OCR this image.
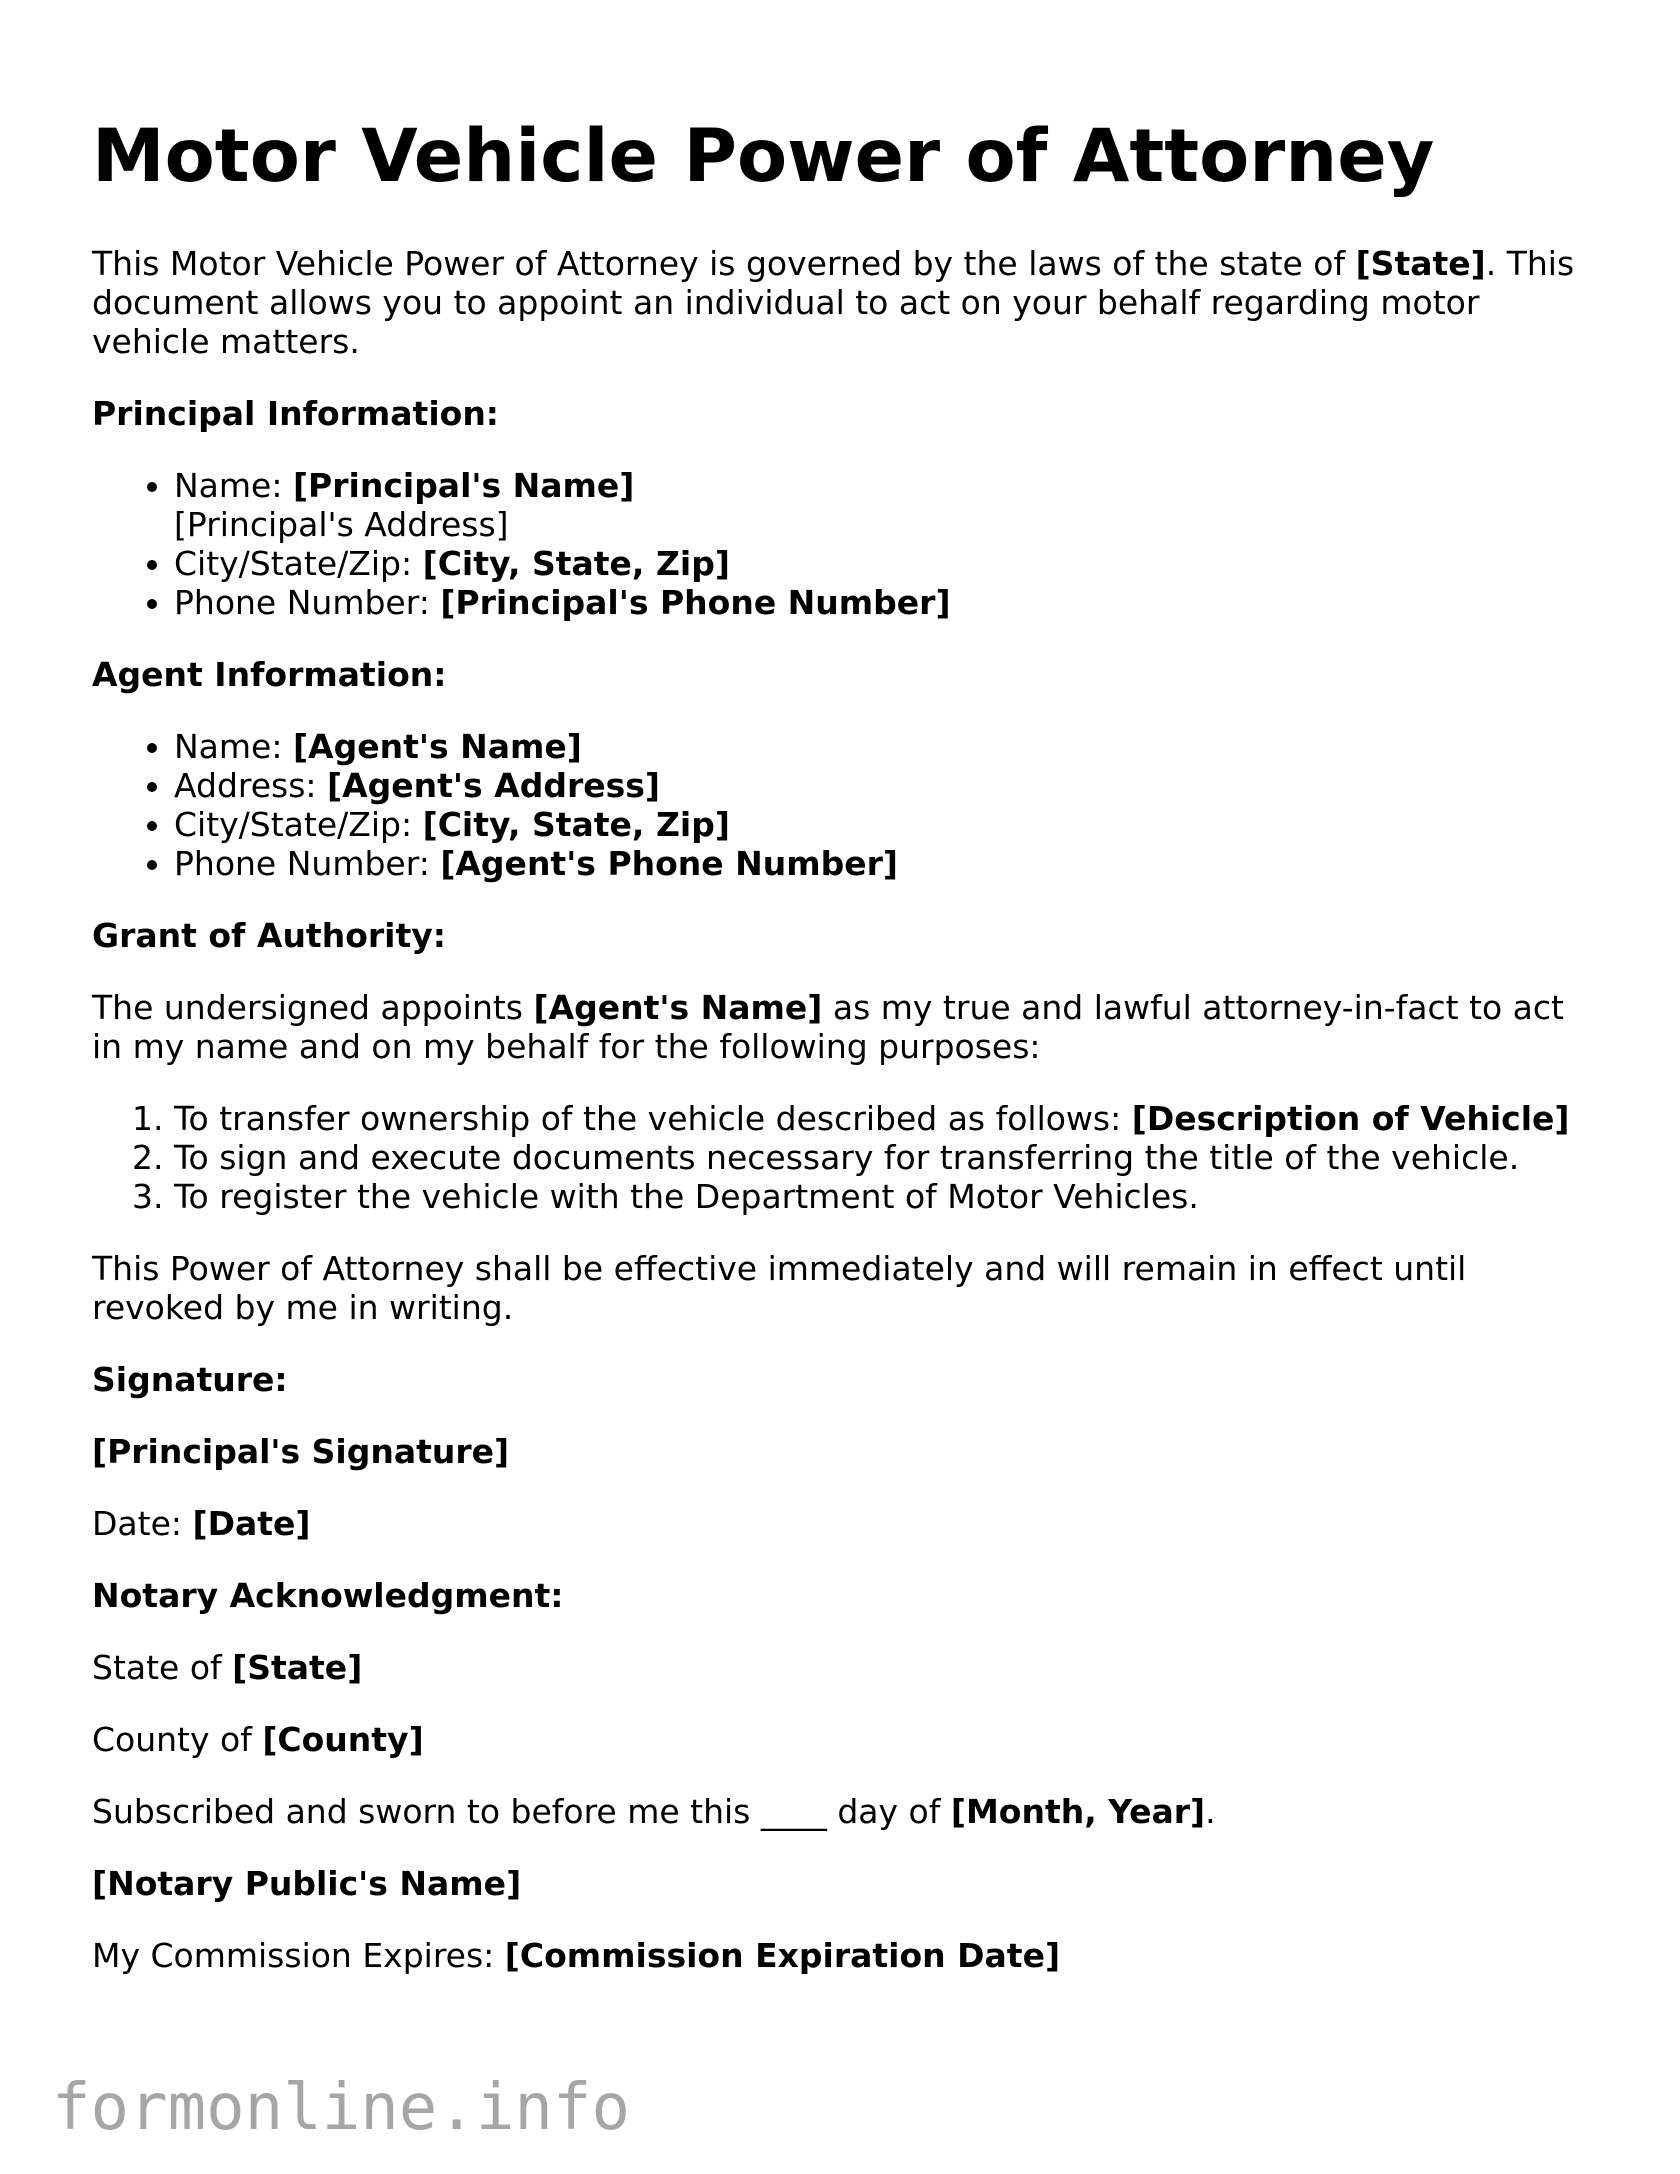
Motor Vehicle Power of Attorney

This Motor Vehicle Power of Attorney is governed by the laws of the state of [State]. This document allows you to appoint an individual to act on your behalf regarding motor vehicle matters.

Principal Information:

• Name: [Principal's Name]
[Principal's Address]
• City/State/Zip: [City, State, Zip]
• Phone Number: [Principal's Phone Number]

Agent Information:

• Name: [Agent's Name]
• Address: [Agent's Address]
• City/State/Zip: [City, State, Zip]
• Phone Number: [Agent's Phone Number]

Grant of Authority:

The undersigned appoints [Agent's Name] as my true and lawful attorney-in-fact to act in my name and on my behalf for the following purposes:

1. To transfer ownership of the vehicle described as follows: [Description of Vehicle]
2. To sign and execute documents necessary for transferring the title of the vehicle.
3. To register the vehicle with the Department of Motor Vehicles.

This Power of Attorney shall be effective immediately and will remain in effect until revoked by me in writing.

Signature:

[Principal's Signature]

Date: [Date]

Notary Acknowledgment:

State of [State]

County of [County]

Subscribed and sworn to before me this ____ day of [Month, Year].

[Notary Public's Name]

My Commission Expires: [Commission Expiration Date]

formonline.info
